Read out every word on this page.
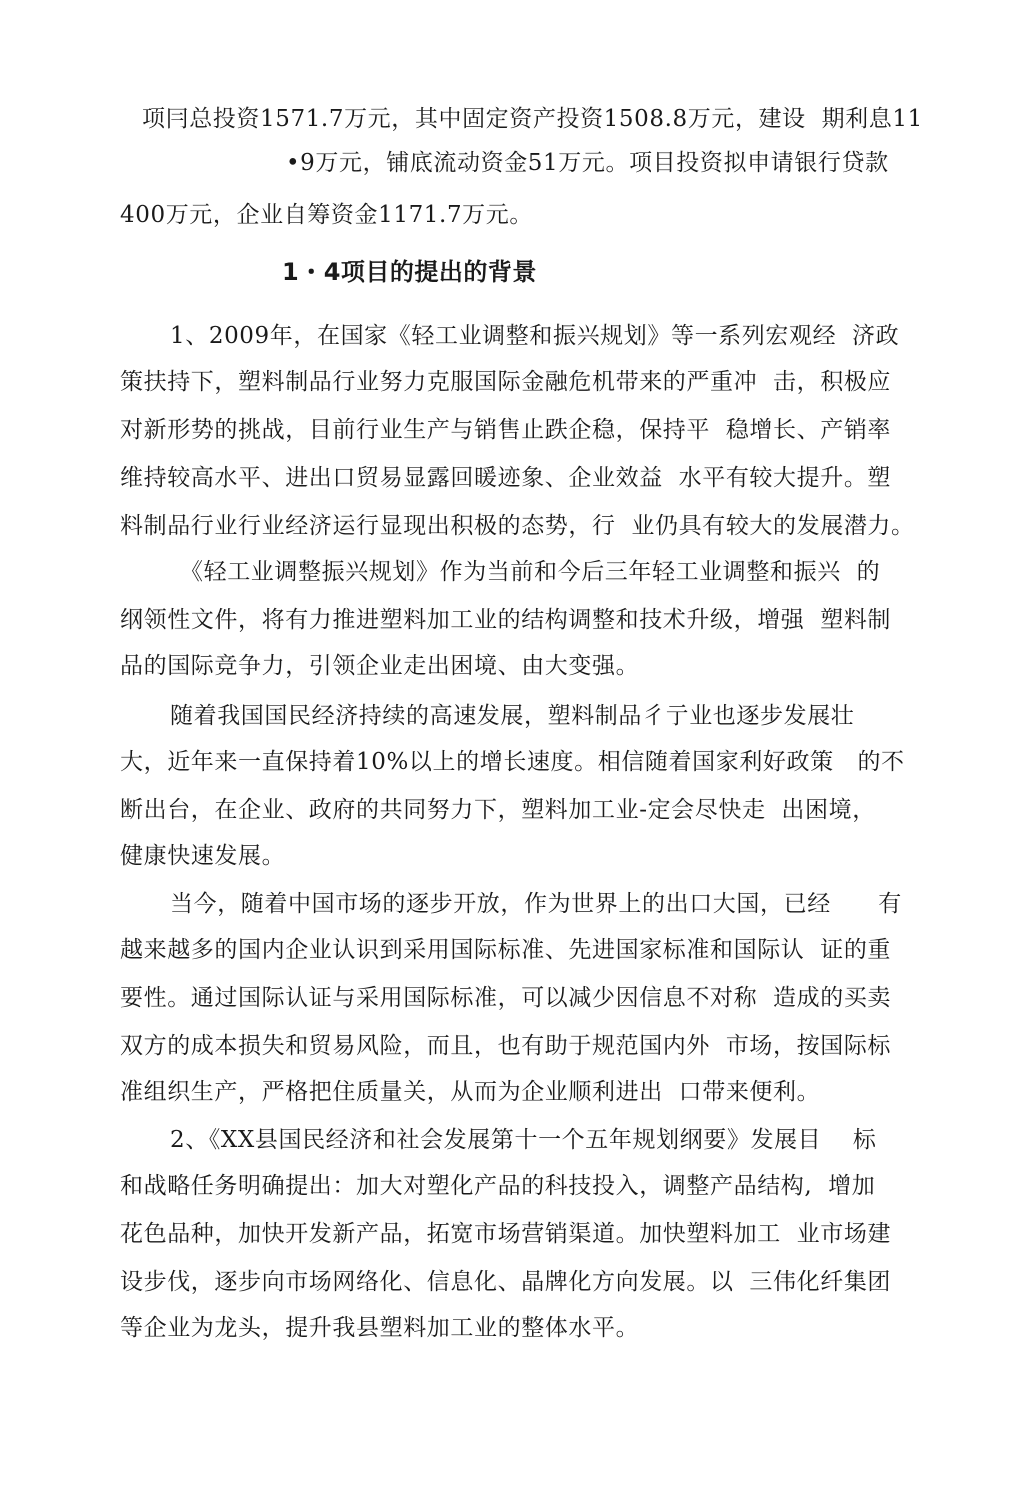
项冃总投资1571.7万元，其中固定资产投资1508.8万元，建设  期利息11
•9万元，铺底流动资金51万元。项目投资拟申请银行贷款
400万元，企业自筹资金1171.7万元。
1・4项目的提出的背景
1、2009年，在国家《轻工业调整和振兴规划》等一系列宏观经  济政
策扶持下，塑料制品行业努力克服国际金融危机带来的严重冲  击，积极应
对新形势的挑战，目前行业生产与销售止跌企稳，保持平  稳增长、产销率
维持较高水平、进出口贸易显露回暖迹象、企业效益  水平有较大提升。塑
料制品行业行业经济运行显现出积极的态势，行  业仍具有较大的发展潜力。
《轻工业调整振兴规划》作为当前和今后三年轻工业调整和振兴  的
纲领性文件，将有力推进塑料加工业的结构调整和技术升级，增强  塑料制
品的国际竞争力，引领企业走出困境、由大变强。
随着我国国民经济持续的高速发展，塑料制品彳亍业也逐步发展壮
大，近年来一直保持着10%以上的增长速度。相信随着国家利好政策   的不
断出台，在企业、政府的共同努力下，塑料加工业-定会尽快走  出困境，
健康快速发展。
当今，随着中国市场的逐步开放，作为世界上的出口大国，已经      有
越来越多的国内企业认识到采用国际标准、先进国家标准和国际认  证的重
要性。通过国际认证与采用国际标准，可以减少因信息不对称  造成的买卖
双方的成本损失和贸易风险，而且，也有助于规范国内外  市场，按国际标
准组织生产，严格把住质量关，从而为企业顺利进出  口带来便利。
2、《XX县国民经济和社会发展第十一个五年规划纲要》发展目    标
和战略任务明确提出：加大对塑化产品的科技投入，调整产品结构,  增加
花色品种，加快开发新产品，拓宽市场营销渠道。加快塑料加工  业市场建
设步伐，逐步向市场网络化、信息化、晶牌化方向发展。以  三伟化纤集团
等企业为龙头，提升我县塑料加工业的整体水平。
